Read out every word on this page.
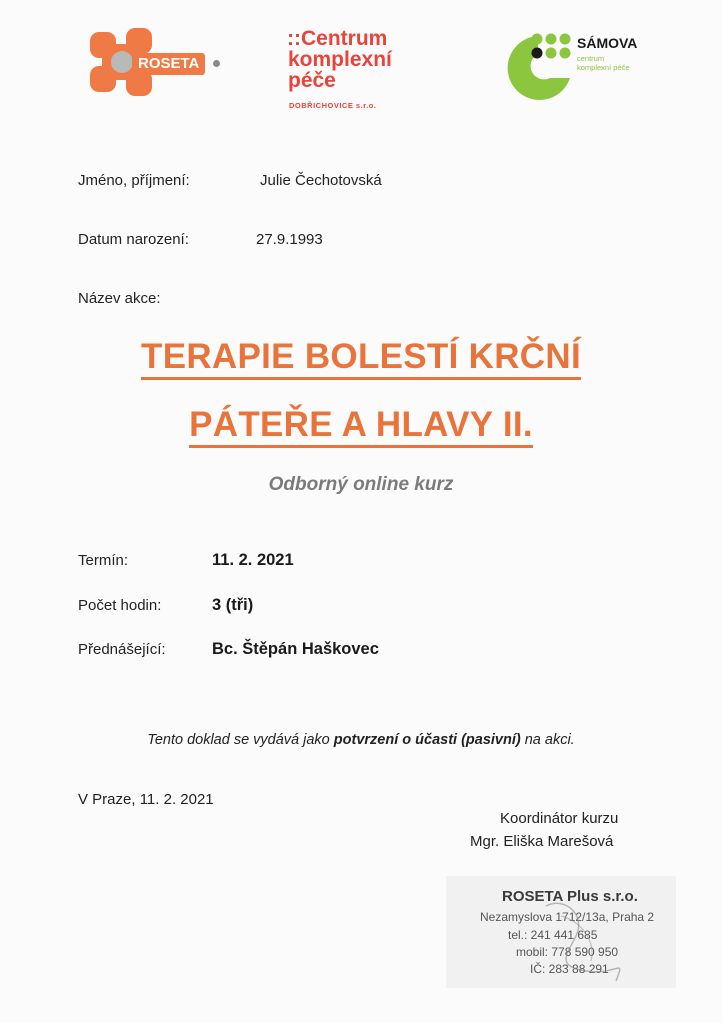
ROSETA
::Centrum
komplexní
péče
DOBŘICHOVICE s.r.o.
SÁMOVA
centrum
komplexní péče
Jméno, příjmení:	Julie Čechotovská
Datum narození:	27.9.1993
Název akce:
TERAPIE BOLESTÍ KRČNÍ
PÁTEŘE A HLAVY II.
Odborný online kurz
Termín:	11. 2. 2021
Počet hodin:	3 (tři)
Přednášející:	Bc. Štěpán Haškovec
Tento doklad se vydává jako potvrzení o účasti (pasivní) na akci.
V Praze, 11. 2. 2021
Koordinátor kurzu
Mgr. Eliška Marešová
ROSETA Plus s.r.o.
Nezamyslova 1712/13a, Praha 2
tel.: 241 441 685
mobil: 778 590 950
IČ: 283 88 291
